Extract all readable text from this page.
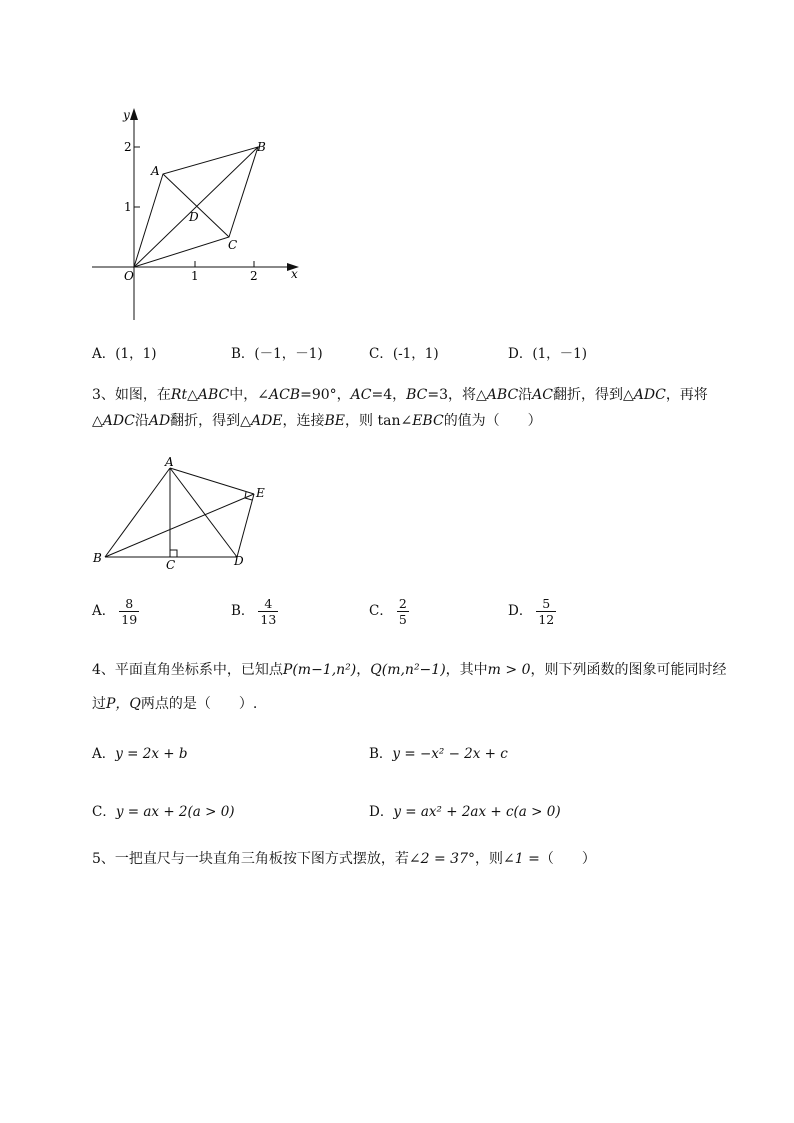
y
x
O	1	2
1
2
A
B
C
D
A．(1，1)	B．(－1，－1)	C．(-1，1)	D．(1，－1)
3、如图，在Rt△ABC中，∠ACB=90°，AC=4，BC=3，将△ABC沿AC翻折，得到△ADC，再将
△ADC沿AD翻折，得到△ADE，连接BE，则 tan∠EBC的值为（　　）
A
B	C	D
E
A． $\frac{8}{19}$	B． $\frac{4}{13}$	C． $\frac{2}{5}$	D． $\frac{5}{12}$
4、平面直角坐标系中，已知点P(m−1,n²)，Q(m,n²−1)，其中m > 0，则下列函数的图象可能同时经
过P，Q两点的是（　　）.
A．y = 2x + b	B．y = −x² − 2x + c
C．y = ax + 2(a > 0)	D．y = ax² + 2ax + c(a > 0)
5、一把直尺与一块直角三角板按下图方式摆放，若∠2 = 37°，则∠1 =（　　）
